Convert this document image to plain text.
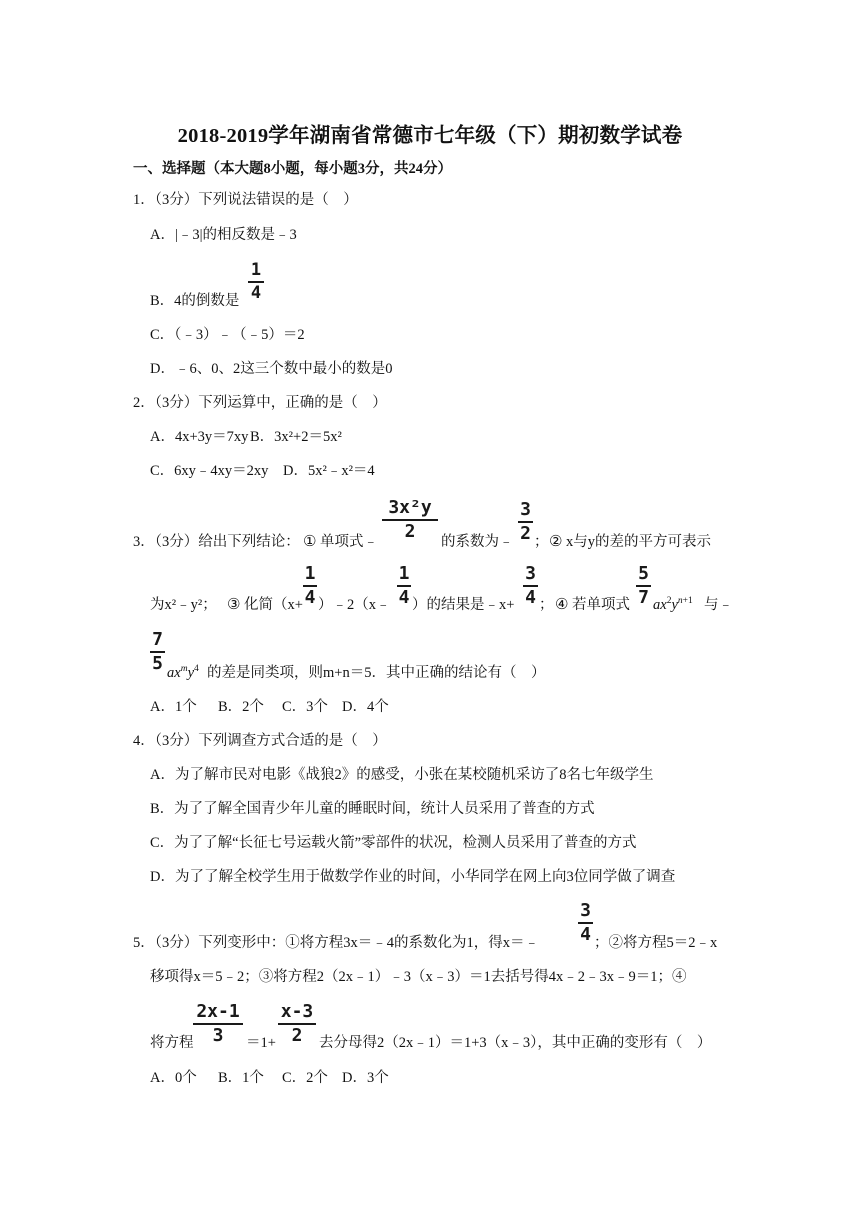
2018-2019学年湖南省常德市七年级（下）期初数学试卷
一、选择题（本大题8小题，每小题3分，共24分）
1．（3分）下列说法错误的是（　）
A．|﹣3|的相反数是﹣3
B．4的倒数是
1
4
C．（﹣3）﹣（﹣5）＝2
D．﹣6、0、2这三个数中最小的数是0
2．（3分）下列运算中，正确的是（　）
A．4x+3y＝7xy B．3x²+2＝5x²
C．6xy﹣4xy＝2xy D．5x²﹣x²＝4
3．（3分）给出下列结论： ① 单项式﹣
3x²y
2	的系数为﹣
3
2 ； ② x与y的差的平方可表示
为x²﹣y²； ③ 化简（x+
1
4 ）﹣2（x﹣
1
4 ）的结果是﹣x+
3
4 ； ④ 若单项式
5
7 $ax^2y^{n+1}$ 与﹣
7
5 $ax^my^4$ 的差是同类项，则m+n＝5．其中正确的结论有（　）
A．1个 B．2个 C．3个 D．4个
4．（3分）下列调查方式合适的是（　）
A．为了解市民对电影《战狼2》的感受，小张在某校随机采访了8名七年级学生
B．为了了解全国青少年儿童的睡眠时间，统计人员采用了普查的方式
C．为了了解“长征七号运载火箭”零部件的状况，检测人员采用了普查的方式
D．为了了解全校学生用于做数学作业的时间，小华同学在网上向3位同学做了调查
5．（3分）下列变形中：①将方程3x＝﹣4的系数化为1，得x＝﹣
3
4 ；②将方程5＝2﹣x
移项得x＝5﹣2；③将方程2（2x﹣1）﹣3（x﹣3）＝1去括号得4x﹣2﹣3x﹣9＝1；④
将方程
2x-1
3	＝1+
x-3
2	去分母得2（2x﹣1）＝1+3（x﹣3），其中正确的变形有（　）
A．0个 B．1个 C．2个 D．3个
